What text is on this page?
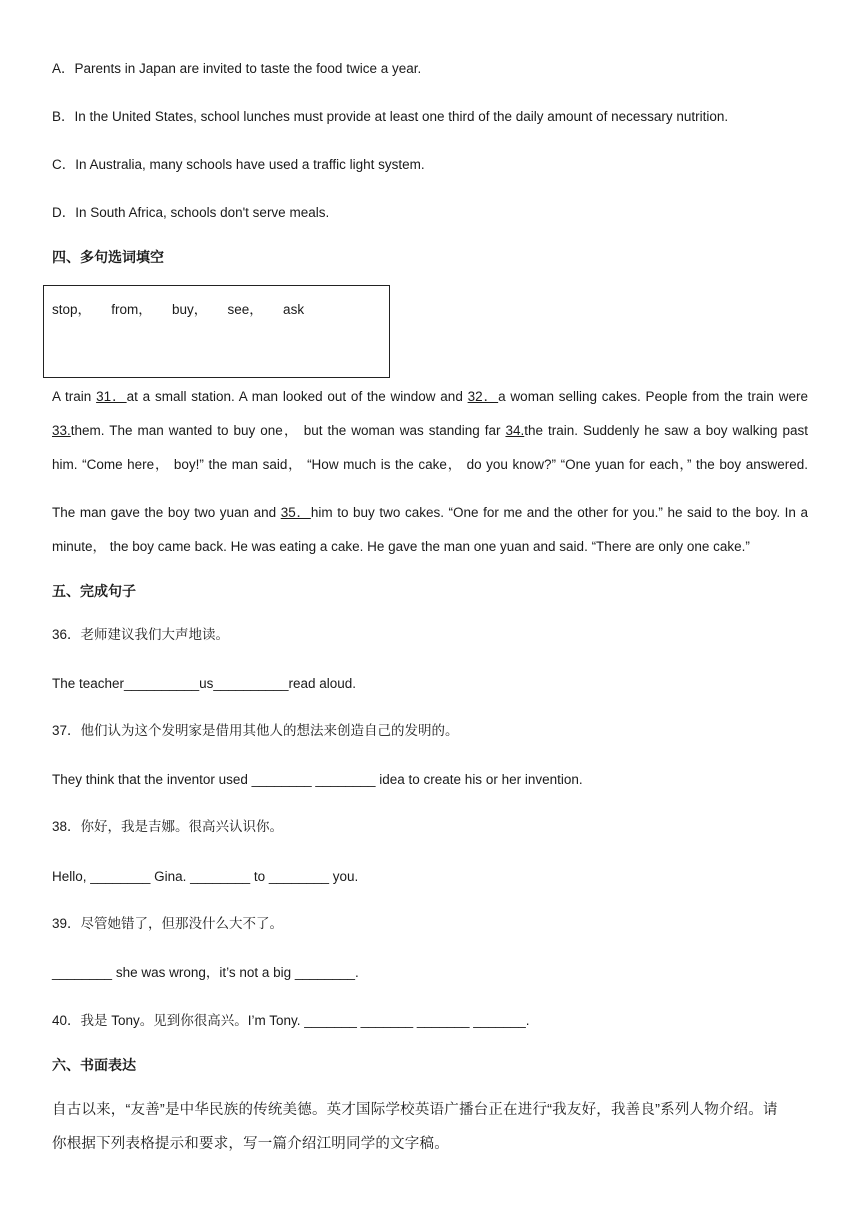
A．Parents in Japan are invited to taste the food twice a year.
B．In the United States, school lunches must provide at least one third of the daily amount of necessary nutrition.
C．In Australia, many schools have used a traffic light system.
D．In South Africa, schools don't serve meals.
四、多句选词填空
stop，   from，   buy，   see，   ask
A train 31．at a small station. A man looked out of the window and 32．a woman selling cakes. People from the train were
33.them. The man wanted to buy one， but the woman was standing far 34.the train. Suddenly he saw a boy walking past
him. “Come here， boy!” the man said， “How much is the cake， do you know?” “One yuan for each，” the boy answered.
The man gave the boy two yuan and 35．him to buy two cakes. “One for me and the other for you.” he said to the boy. In a
minute， the boy came back. He was eating a cake. He gave the man one yuan and said. “There are only one cake.”
五、完成句子
36．老师建议我们大声地读。
The teacher__________us__________read aloud.
37．他们认为这个发明家是借用其他人的想法来创造自己的发明的。
They think that the inventor used ________ ________ idea to create his or her invention.
38．你好，我是吉娜。很高兴认识你。
Hello, ________ Gina. ________ to ________ you.
39．尽管她错了，但那没什么大不了。
________ she was wrong，it’s not a big ________.
40．我是 Tony。见到你很高兴。I’m Tony. _______ _______ _______ _______.
六、书面表达
自古以来，“友善”是中华民族的传统美德。英才国际学校英语广播台正在进行“我友好，我善良”系列人物介绍。请
你根据下列表格提示和要求，写一篇介绍江明同学的文字稿。
